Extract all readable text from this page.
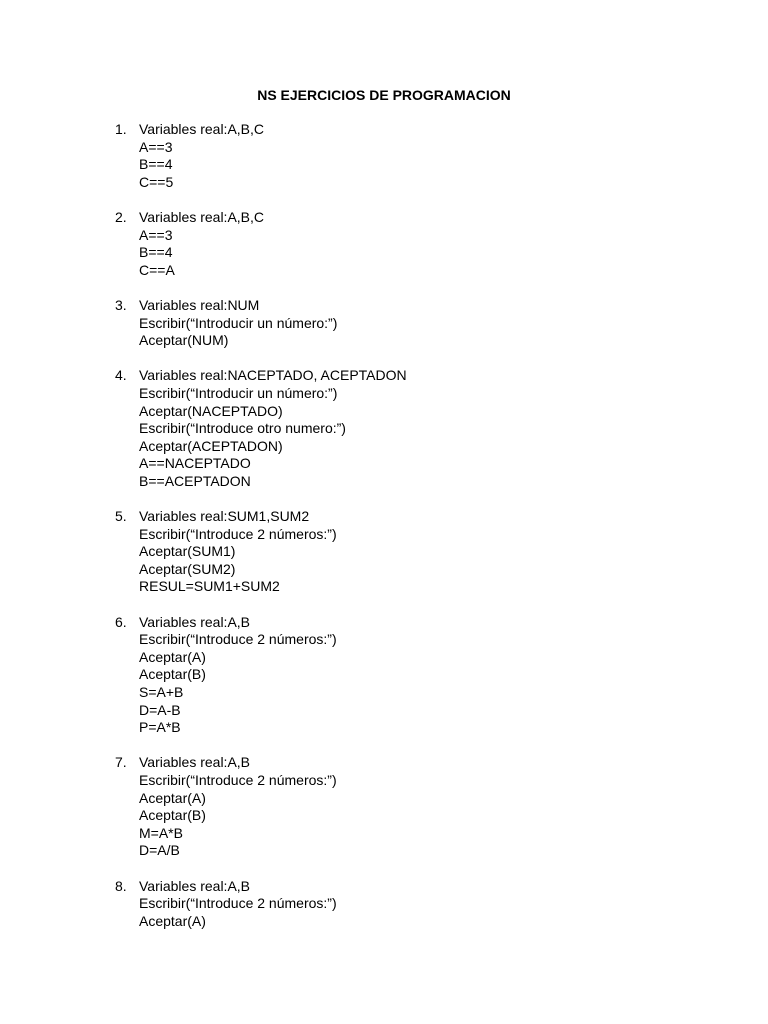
NS EJERCICIOS DE PROGRAMACION
1. Variables real:A,B,C
A==3
B==4
C==5
2. Variables real:A,B,C
A==3
B==4
C==A
3. Variables real:NUM
Escribir(“Introducir un número:”)
Aceptar(NUM)
4. Variables real:NACEPTADO, ACEPTADON
Escribir(“Introducir un número:”)
Aceptar(NACEPTADO)
Escribir(“Introduce otro numero:”)
Aceptar(ACEPTADON)
A==NACEPTADO
B==ACEPTADON
5. Variables real:SUM1,SUM2
Escribir(“Introduce 2 números:”)
Aceptar(SUM1)
Aceptar(SUM2)
RESUL=SUM1+SUM2
6. Variables real:A,B
Escribir(“Introduce 2 números:”)
Aceptar(A)
Aceptar(B)
S=A+B
D=A-B
P=A*B
7. Variables real:A,B
Escribir(“Introduce 2 números:”)
Aceptar(A)
Aceptar(B)
M=A*B
D=A/B
8. Variables real:A,B
Escribir(“Introduce 2 números:”)
Aceptar(A)
